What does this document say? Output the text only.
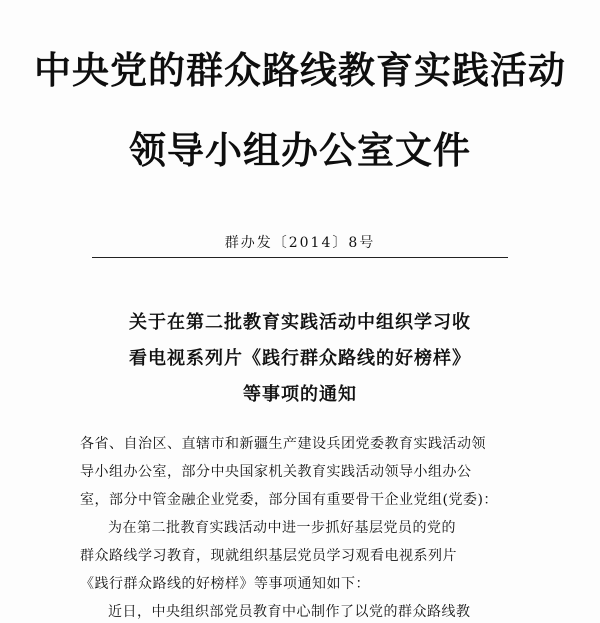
中央党的群众路线教育实践活动
领导小组办公室文件
群办发〔2014〕8号
关于在第二批教育实践活动中组织学习收
看电视系列片《践行群众路线的好榜样》
等事项的通知
各省、自治区、直辖市和新疆生产建设兵团党委教育实践活动领
导小组办公室，部分中央国家机关教育实践活动领导小组办公
室，部分中管金融企业党委，部分国有重要骨干企业党组(党委)：
为在第二批教育实践活动中进一步抓好基层党员的党的
群众路线学习教育，现就组织基层党员学习观看电视系列片
《践行群众路线的好榜样》等事项通知如下：
近日，中央组织部党员教育中心制作了以党的群众路线教
